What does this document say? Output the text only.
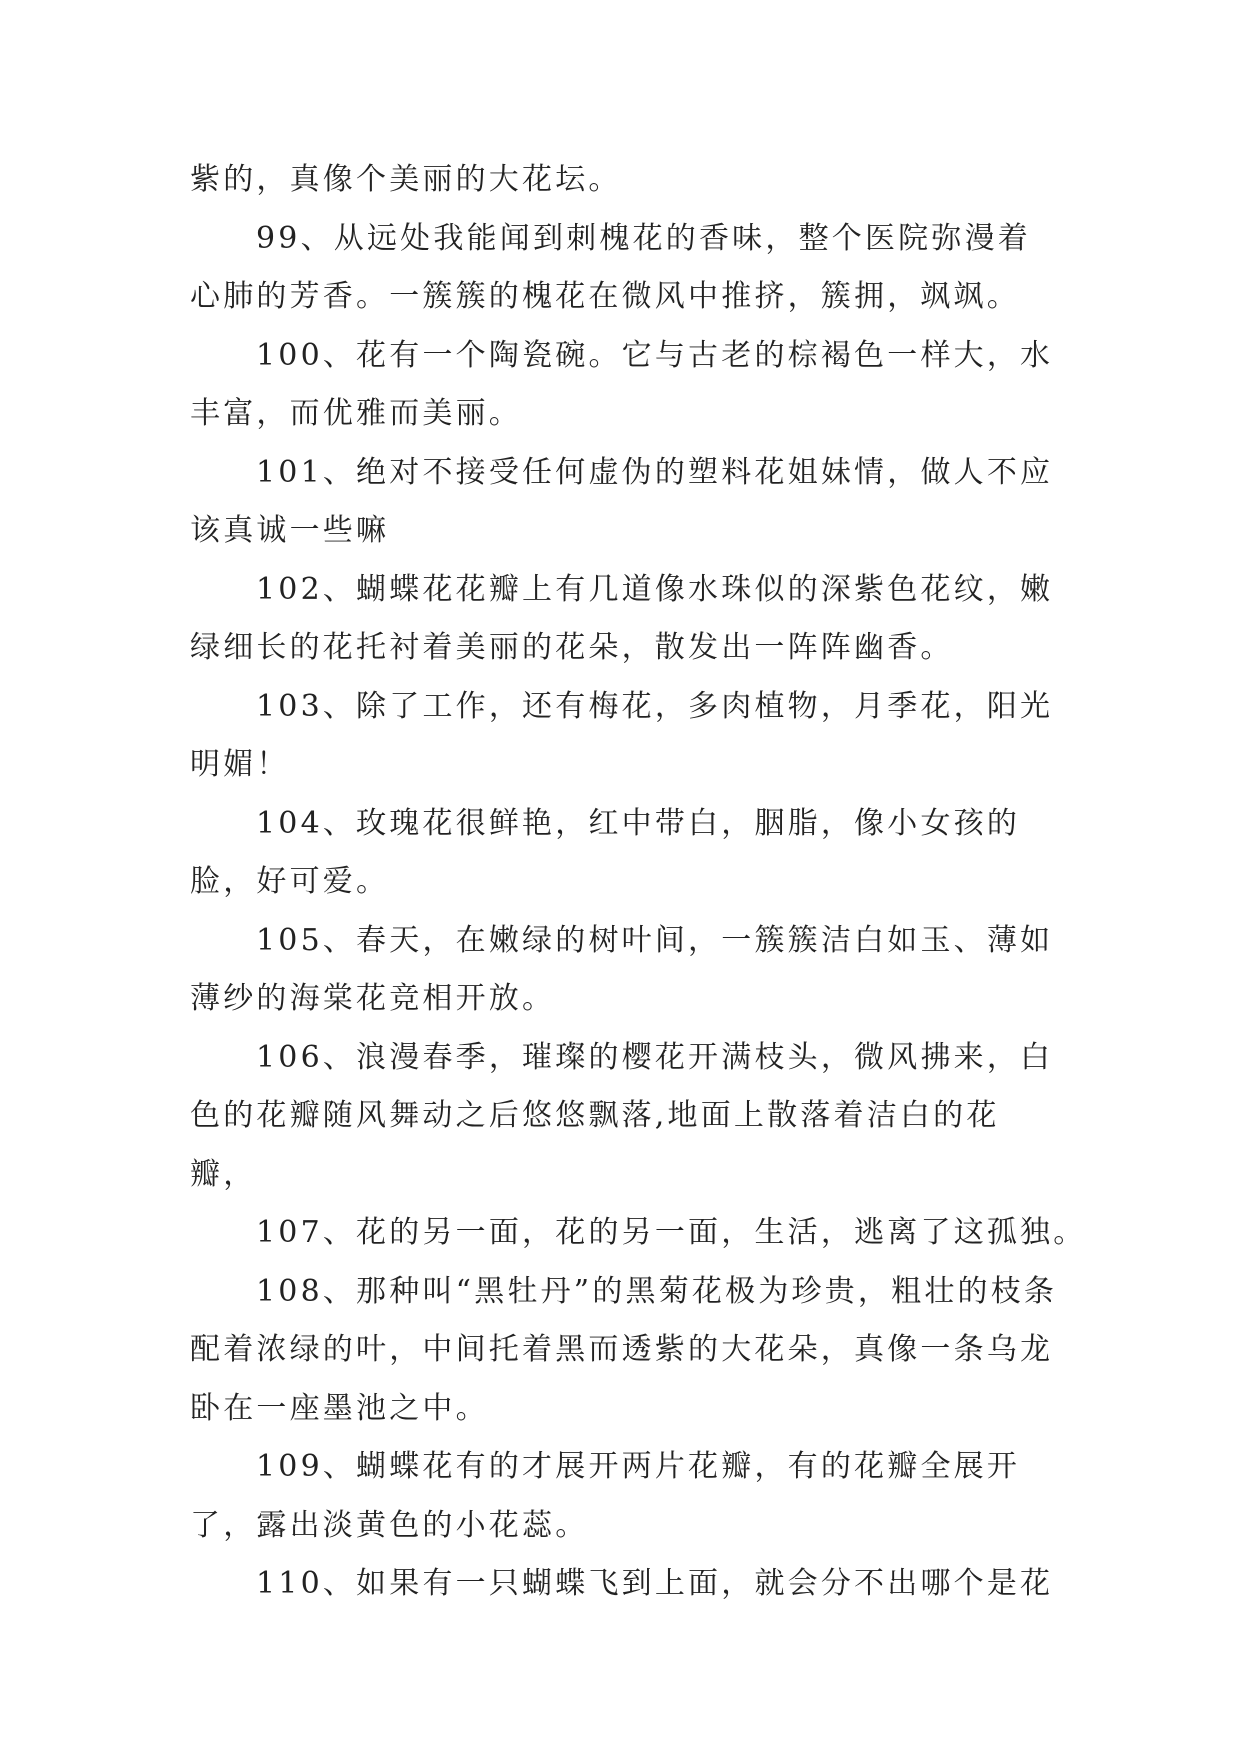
紫的，真像个美丽的大花坛。

99、从远处我能闻到刺槐花的香味，整个医院弥漫着心肺的芳香。一簇簇的槐花在微风中推挤，簇拥，飒飒。

100、花有一个陶瓷碗。它与古老的棕褐色一样大，水丰富，而优雅而美丽。

101、绝对不接受任何虚伪的塑料花姐妹情，做人不应该真诚一些嘛

102、蝴蝶花花瓣上有几道像水珠似的深紫色花纹，嫩绿细长的花托衬着美丽的花朵，散发出一阵阵幽香。

103、除了工作，还有梅花，多肉植物，月季花，阳光明媚！

104、玫瑰花很鲜艳，红中带白，胭脂，像小女孩的脸，好可爱。

105、春天，在嫩绿的树叶间，一簇簇洁白如玉、薄如薄纱的海棠花竞相开放。

106、浪漫春季，璀璨的樱花开满枝头，微风拂来，白色的花瓣随风舞动之后悠悠飘落,地面上散落着洁白的花瓣，

107、花的另一面，花的另一面，生活，逃离了这孤独。

108、那种叫“黑牡丹”的黑菊花极为珍贵，粗壮的枝条配着浓绿的叶，中间托着黑而透紫的大花朵，真像一条乌龙卧在一座墨池之中。

109、蝴蝶花有的才展开两片花瓣，有的花瓣全展开了，露出淡黄色的小花蕊。

110、如果有一只蝴蝶飞到上面，就会分不出哪个是花
